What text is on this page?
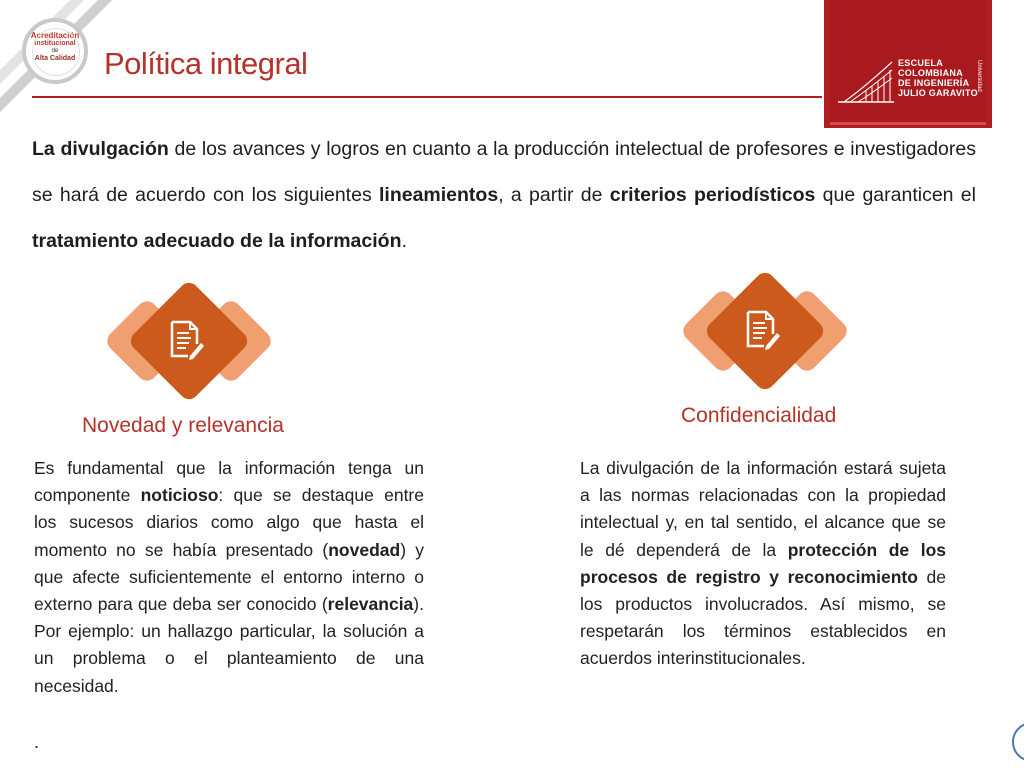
Acreditación
Institucional
de
Alta Calidad Política integral	ESCUELA
COLOMBIANA
DE INGENIERÍA
JULIO GARAVITO
Universidad
La divulgación de los avances y logros en cuanto a la producción intelectual de profesores e investigadores se hará de acuerdo con los siguientes lineamientos, a partir de criterios periodísticos que garanticen el tratamiento adecuado de la información.
Novedad y relevancia
Es fundamental que la información tenga un componente noticioso: que se destaque entre los sucesos diarios como algo que hasta el momento no se había presentado (novedad) y que afecte suficientemente el entorno interno o externo para que deba ser conocido (relevancia). Por ejemplo: un hallazgo particular, la solución a un problema o el planteamiento de una necesidad.
.
Confidencialidad
La divulgación de la información estará sujeta a las normas relacionadas con la propiedad intelectual y, en tal sentido, el alcance que se le dé dependerá de la protección de los procesos de registro y reconocimiento de los productos involucrados. Así mismo, se respetarán los términos establecidos en acuerdos interinstitucionales.
